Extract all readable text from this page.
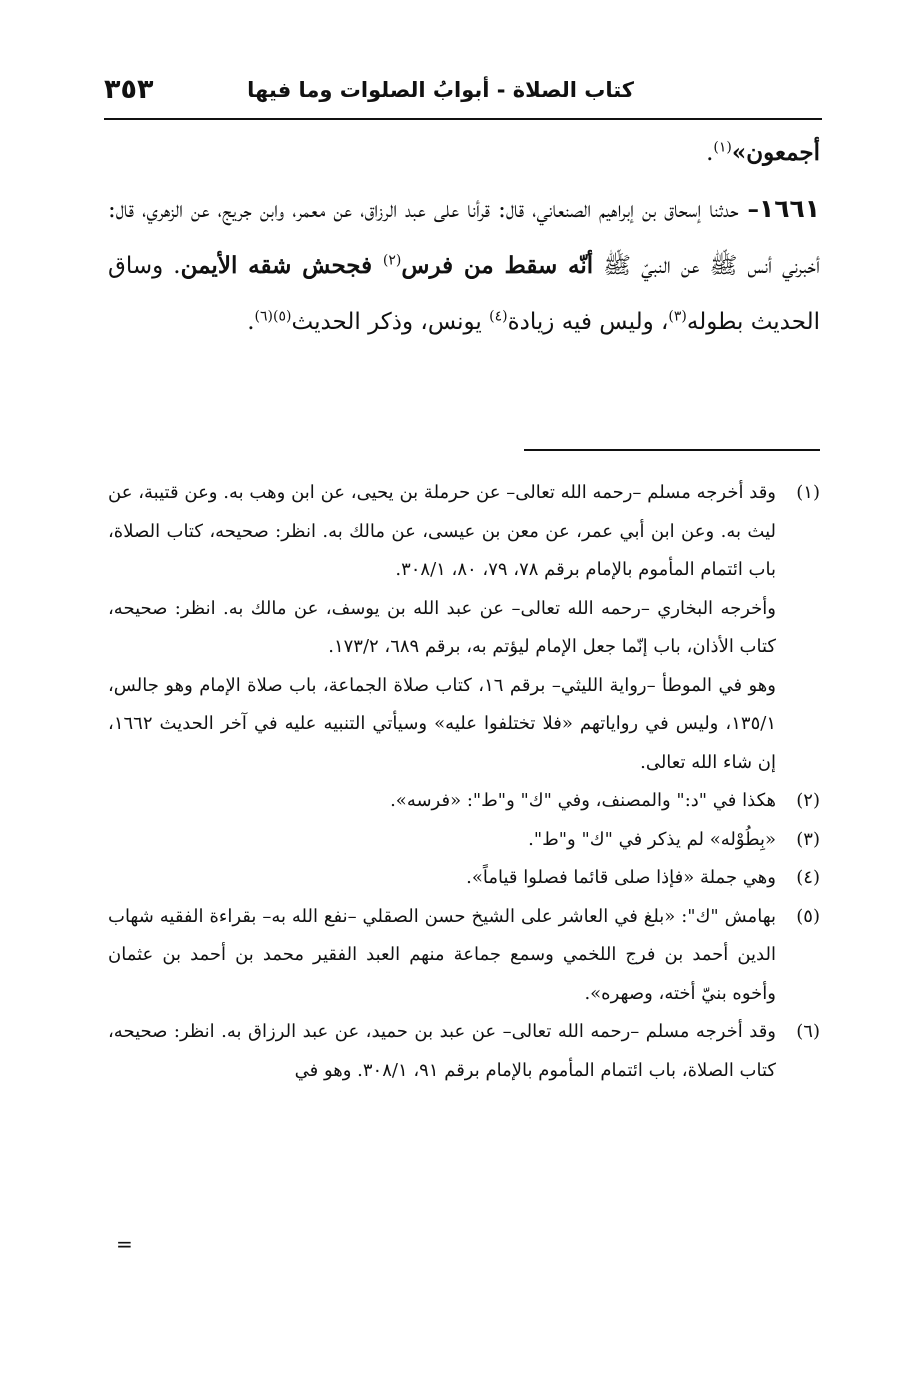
كتاب الصلاة - أبوابُ الصلوات وما فيها
٣٥٣

أجمعون»$^{(١)}$.

١٦٦١– حدثنا إسحاق بن إبراهيم الصنعاني، قال: قرأنا على عبد الرزاق، عن معمر، وابن جريج، عن الزهري، قال: أخبرني أنس ﷺ عن النبيّ ﷺ أنّه سقط من فرس$^{(٢)}$ فجحش شقه الأيمن. وساق الحديث بطوله$^{(٣)}$، وليس فيه زيادة$^{(٤)}$ يونس، وذكر الحديث$^{(٥)(٦)}$.

(١)

وقد أخرجه مسلم –رحمه الله تعالى– عن حرملة بن يحيى، عن ابن وهب به. وعن قتيبة، عن ليث به. وعن ابن أبي عمر، عن معن بن عيسى، عن مالك به. انظر: صحيحه، كتاب الصلاة، باب ائتمام المأموم بالإمام برقم ٧٨، ٧٩، ٨٠، ٣٠٨/١.

وأخرجه البخاري –رحمه الله تعالى– عن عبد الله بن يوسف، عن مالك به. انظر: صحيحه، كتاب الأذان، باب إنّما جعل الإمام ليؤتم به، برقم ٦٨٩، ١٧٣/٢.

وهو في الموطأ –رواية الليثي– برقم ١٦، كتاب صلاة الجماعة، باب صلاة الإمام وهو جالس، ١٣٥/١، وليس في رواياتهم «فلا تختلفوا عليه» وسيأتي التنبيه عليه في آخر الحديث ١٦٦٢، إن شاء الله تعالى.

(٢)

هكذا في "د:" والمصنف، وفي "ك" و"ط": «فرسه».

(٣)

«بِطُوْله» لم يذكر في "ك" و"ط".

(٤)

وهي جملة «فإذا صلى قائما فصلوا قياماً».

(٥)

بهامش "ك": «بلغ في العاشر على الشيخ حسن الصقلي –نفع الله به– بقراءة الفقيه شهاب الدين أحمد بن فرج اللخمي وسمع جماعة منهم العبد الفقير محمد بن أحمد بن عثمان وأخوه بنيّ أخته، وصهره».

(٦)

وقد أخرجه مسلم –رحمه الله تعالى– عن عبد بن حميد، عن عبد الرزاق به. انظر: صحيحه، كتاب الصلاة، باب ائتمام المأموم بالإمام برقم ٩١، ٣٠٨/١. وهو في

=
